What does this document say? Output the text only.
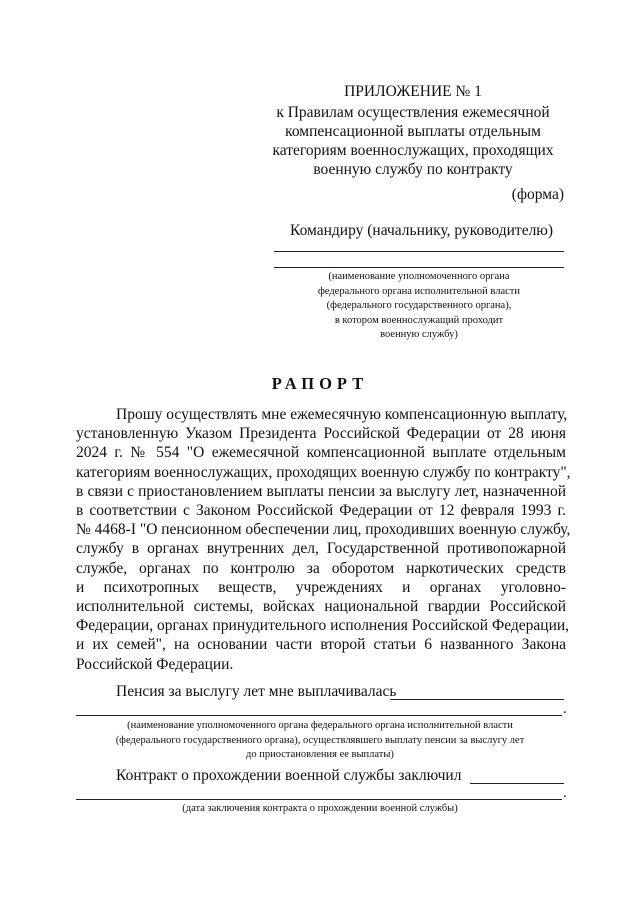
ПРИЛОЖЕНИЕ № 1
к Правилам осуществления ежемесячной
компенсационной выплаты отдельным
категориям военнослужащих, проходящих
военную службу по контракту
(форма)
Командиру (начальнику, руководителю)
(наименование уполномоченного органа
федерального органа исполнительной власти
(федерального государственного органа),
в котором военнослужащий проходит
военную службу)
РАПОРТ
Прошу осуществлять мне ежемесячную компенсационную выплату,
установленную Указом Президента Российской Федерации от 28 июня
2024 г. № 554 "О ежемесячной компенсационной выплате отдельным
категориям военнослужащих, проходящих военную службу по контракту",
в связи с приостановлением выплаты пенсии за выслугу лет, назначенной
в соответствии с Законом Российской Федерации от 12 февраля 1993 г.
№ 4468-I "О пенсионном обеспечении лиц, проходивших военную службу,
службу в органах внутренних дел, Государственной противопожарной
службе, органах по контролю за оборотом наркотических средств
и психотропных веществ, учреждениях и органах уголовно-
исполнительной системы, войсках национальной гвардии Российской
Федерации, органах принудительного исполнения Российской Федерации,
и их семей", на основании части второй статьи 6 названного Закона
Российской Федерации.
Пенсия за выслугу лет мне выплачивалась
.
(наименование уполномоченного органа федерального органа исполнительной власти
(федерального государственного органа), осуществлявшего выплату пенсии за выслугу лет
до приостановления ее выплаты)
Контракт о прохождении военной службы заключил
.
(дата заключения контракта о прохождении военной службы)
